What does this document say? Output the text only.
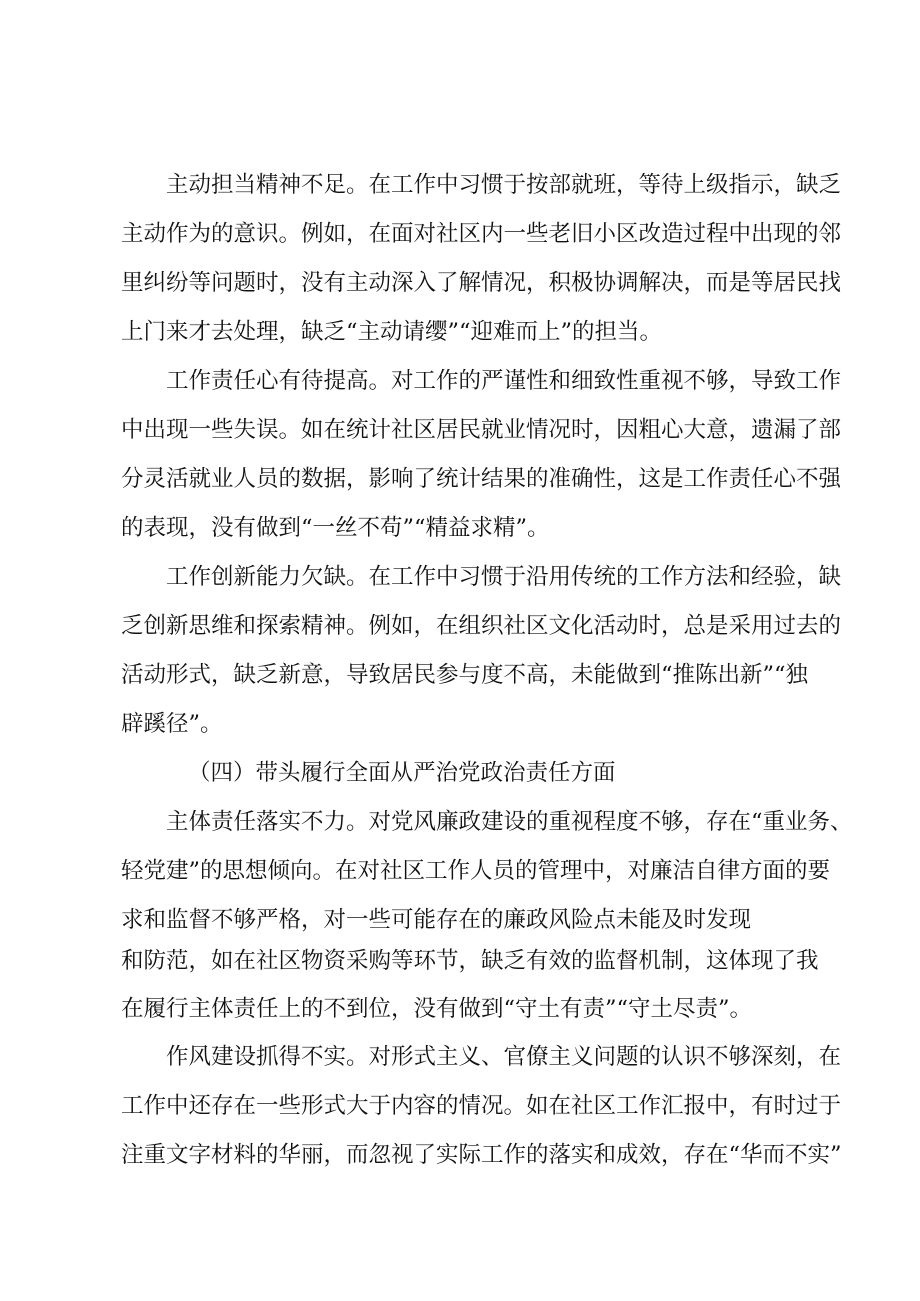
主动担当精神不足。在工作中习惯于按部就班，等待上级指示，缺乏
主动作为的意识。例如，在面对社区内一些老旧小区改造过程中出现的邻
里纠纷等问题时，没有主动深入了解情况，积极协调解决，而是等居民找
上门来才去处理，缺乏“主动请缨”“迎难而上”的担当。
工作责任心有待提高。对工作的严谨性和细致性重视不够，导致工作
中出现一些失误。如在统计社区居民就业情况时，因粗心大意，遗漏了部
分灵活就业人员的数据，影响了统计结果的准确性，这是工作责任心不强
的表现，没有做到“一丝不苟”“精益求精”。
工作创新能力欠缺。在工作中习惯于沿用传统的工作方法和经验，缺
乏创新思维和探索精神。例如，在组织社区文化活动时，总是采用过去的
活动形式，缺乏新意，导致居民参与度不高，未能做到“推陈出新”“独
辟蹊径”。
（四）带头履行全面从严治党政治责任方面
主体责任落实不力。对党风廉政建设的重视程度不够，存在“重业务、
轻党建”的思想倾向。在对社区工作人员的管理中，对廉洁自律方面的要
求和监督不够严格，对一些可能存在的廉政风险点未能及时发现
和防范，如在社区物资采购等环节，缺乏有效的监督机制，这体现了我
在履行主体责任上的不到位，没有做到“守土有责”“守土尽责”。
作风建设抓得不实。对形式主义、官僚主义问题的认识不够深刻，在
工作中还存在一些形式大于内容的情况。如在社区工作汇报中，有时过于
注重文字材料的华丽，而忽视了实际工作的落实和成效，存在“华而不实”
